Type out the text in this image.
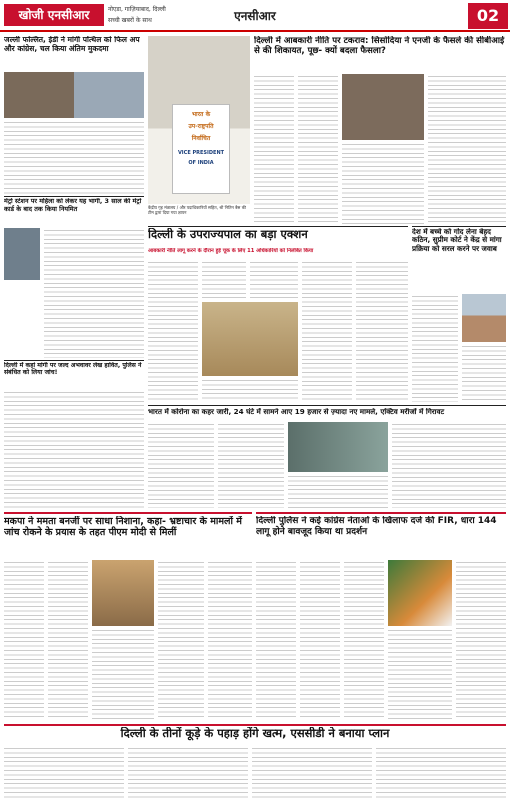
खोजी एनसीआर	नोएडा, गाज़ियाबाद, दिल्ली
सच्ची खबरों के साथ	एनसीआर	02
जल्ली फल्लित, ईडी ने मांगी पत्थिल को फिल अप और कांग्रेस, चल किया अंतिम मुकदमा
मेट्रो स्टेशन पर महिला को लेकर यह भागी, 3 साल की मेट्रो कार्ड के बाद तक किया नियमित
दिल्ली में कहां मांगी पर जल्द अभवावर लेख हावित, पुलिस ने संबंधित को लिया जांच!
भारत के
उप-राष्ट्रपति
निर्वाचित
VICE PRESIDENT
OF INDIA
केंद्रीय गृह मंत्रालय / और पदाधिकारियों सहित, श्री नितिन बैस की टीम द्वारा दिया गया ज्ञापन
दिल्ली में आबकारी नीति पर टकराव: सिसोदिया ने एनजी के फैसले की सीबीआई से की शिकायत, पूछ- क्यों बदला फैसला?
दिल्ली के उपराज्यपाल का बड़ा एक्शन
आबकारी नीति लागू करने के दौरान हुई चूक के लिए 11 अधिकारियों को निलंबित किया
देश में बच्चे को गोद लेना बेहद कठिन, सुप्रीम कोर्ट ने केंद्र से मांगा प्रक्रिया को सरल करने पर जवाब
भारत में कोरोना का कहर जारी, 24 घंटे में सामने आए 19 हजार से ज़्यादा नए मामले, एक्टिव मरीजों में गिरावट
मकपा ने ममता बनर्जी पर साधा निशाना, कहा- भ्रष्टाचार के मामलों में जांच रोकने के प्रयास के तहत पीएम मोदी से मिलीं
दिल्ली पुलिस ने कई कांग्रेस नेताओं के खिलाफ दर्ज की FIR, धारा 144 लागू होने बावजूद किया था प्रदर्शन
दिल्ली के तीनों कूड़े के पहाड़ होंगे खत्म, एससीडी ने बनाया प्लान
